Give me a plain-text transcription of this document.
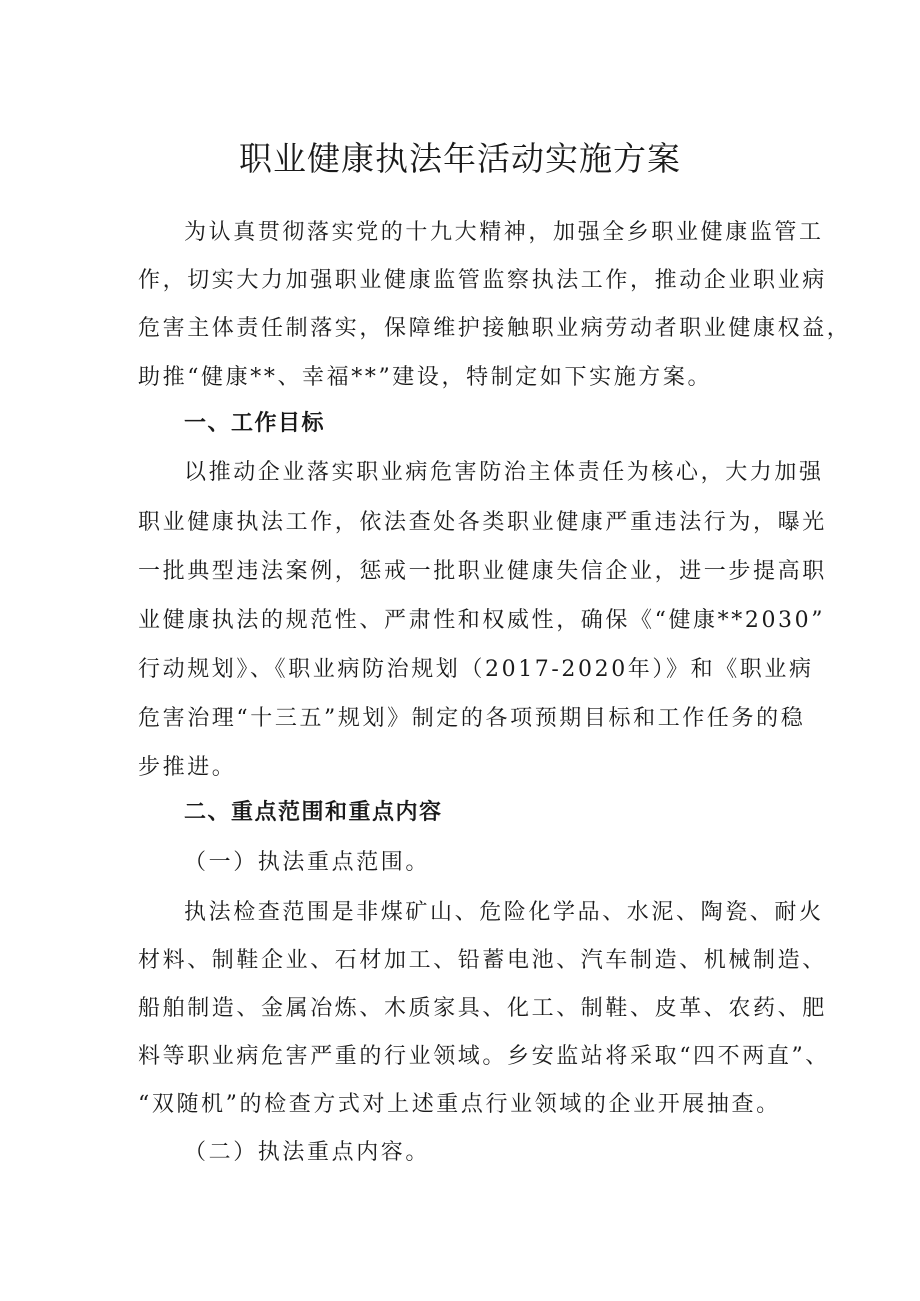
职业健康执法年活动实施方案
为认真贯彻落实党的十九大精神，加强全乡职业健康监管工
作，切实大力加强职业健康监管监察执法工作，推动企业职业病
危害主体责任制落实，保障维护接触职业病劳动者职业健康权益，
助推“健康**、幸福**”建设，特制定如下实施方案。
一、工作目标
以推动企业落实职业病危害防治主体责任为核心，大力加强
职业健康执法工作，依法查处各类职业健康严重违法行为，曝光
一批典型违法案例，惩戒一批职业健康失信企业，进一步提高职
业健康执法的规范性、严肃性和权威性，确保《“健康**2030”
行动规划》、《职业病防治规划（2017-2020年）》和《职业病
危害治理“十三五”规划》制定的各项预期目标和工作任务的稳
步推进。
二、重点范围和重点内容
（一）执法重点范围。
执法检查范围是非煤矿山、危险化学品、水泥、陶瓷、耐火
材料、制鞋企业、石材加工、铅蓄电池、汽车制造、机械制造、
船舶制造、金属冶炼、木质家具、化工、制鞋、皮革、农药、肥
料等职业病危害严重的行业领域。乡安监站将采取“四不两直”、
“双随机”的检查方式对上述重点行业领域的企业开展抽查。
（二）执法重点内容。
